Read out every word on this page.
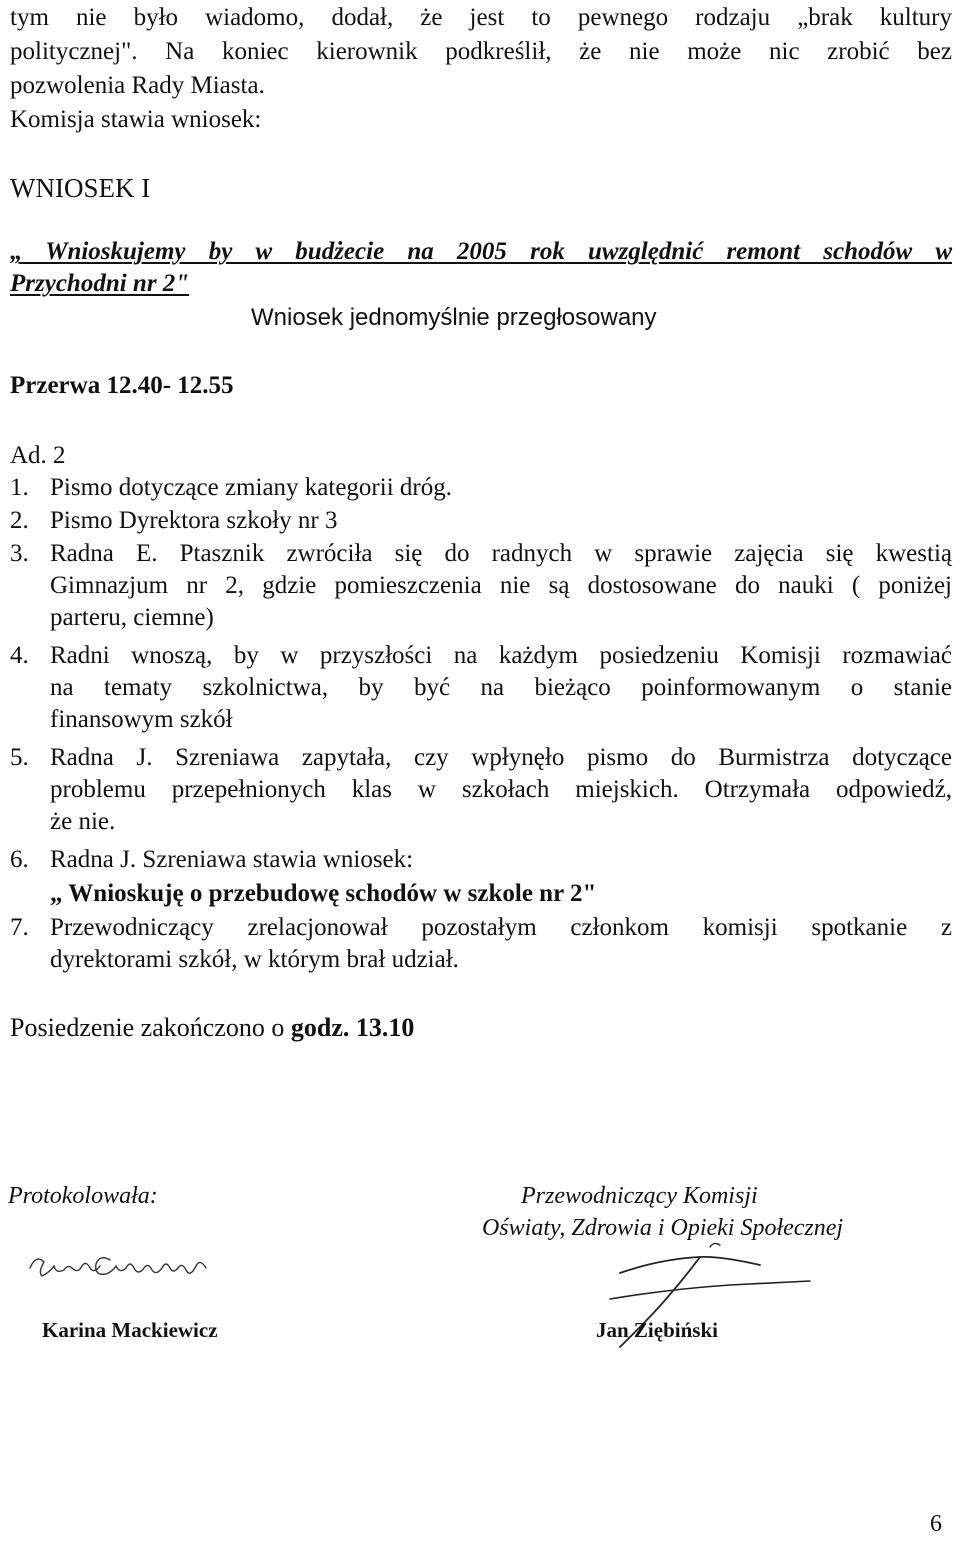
tym nie było wiadomo, dodał, że jest to pewnego rodzaju „brak kultury
politycznej". Na koniec kierownik podkreślił, że nie może nic zrobić bez
pozwolenia Rady Miasta.
Komisja stawia wniosek:
WNIOSEK I
„ Wnioskujemy by w budżecie na 2005 rok uwzględnić remont schodów w
Przychodni nr 2"
Wniosek jednomyślnie przegłosowany
Przerwa 12.40- 12.55
Ad. 2
1. Pismo dotyczące zmiany kategorii dróg.
2. Pismo Dyrektora szkoły nr 3
3. Radna E. Ptasznik zwróciła się do radnych w sprawie zajęcia się kwestią
Gimnazjum nr 2, gdzie pomieszczenia nie są dostosowane do nauki ( poniżej
parteru, ciemne)
4. Radni wnoszą, by w przyszłości na każdym posiedzeniu Komisji rozmawiać
na tematy szkolnictwa, by być na bieżąco poinformowanym o stanie
finansowym szkół
5. Radna J. Szreniawa zapytała, czy wpłynęło pismo do Burmistrza dotyczące
problemu przepełnionych klas w szkołach miejskich. Otrzymała odpowiedź,
że nie.
6. Radna J. Szreniawa stawia wniosek:
„ Wnioskuję o przebudowę schodów w szkole nr 2"
7. Przewodniczący zrelacjonował pozostałym członkom komisji spotkanie z
dyrektorami szkół, w którym brał udział.
Posiedzenie zakończono o godz. 13.10
Protokolowała:
Karina Mackiewicz
Przewodniczący Komisji
Oświaty, Zdrowia i Opieki Społecznej
Jan Ziębiński
6
